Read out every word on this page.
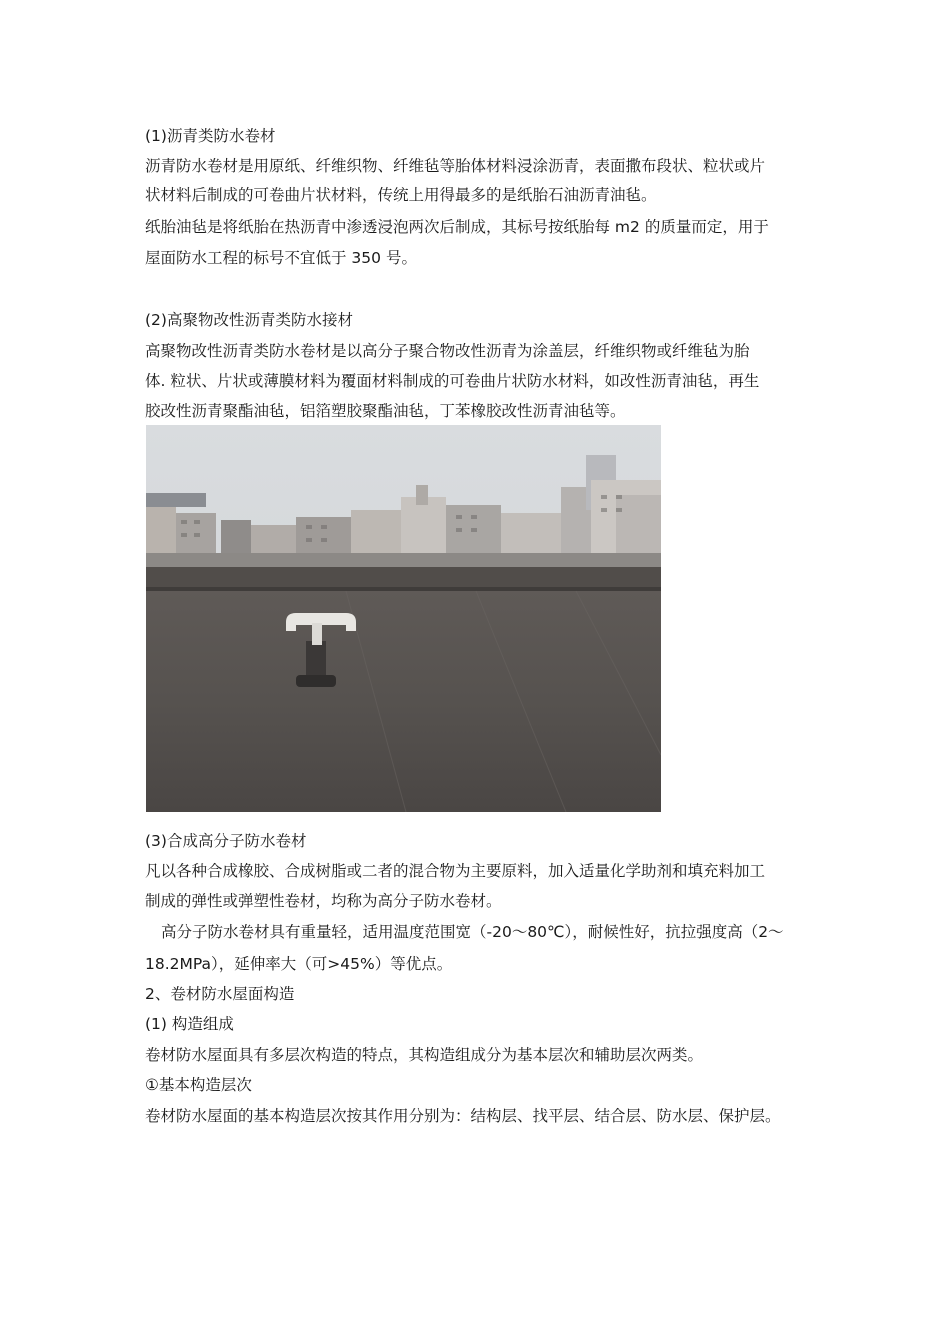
(1)沥青类防水卷材

沥青防水卷材是用原纸、纤维织物、纤维毡等胎体材料浸涂沥青，表面撒布段状、粒状或片

状材料后制成的可卷曲片状材料，传统上用得最多的是纸胎石油沥青油毡。

纸胎油毡是将纸胎在热沥青中渗透浸泡两次后制成，其标号按纸胎每 m2 的质量而定，用于

屋面防水工程的标号不宜低于 350 号。

(2)高聚物改性沥青类防水接材

高聚物改性沥青类防水卷材是以高分子聚合物改性沥青为涂盖层，纤维织物或纤维毡为胎

体. 粒状、片状或薄膜材料为覆面材料制成的可卷曲片状防水材料，如改性沥青油毡，再生

胶改性沥青聚酯油毡，铝箔塑胶聚酯油毡，丁苯橡胶改性沥青油毡等。

(3)合成高分子防水卷材

凡以各种合成橡胶、合成树脂或二者的混合物为主要原料，加入适量化学助剂和填充料加工

制成的弹性或弹塑性卷材，均称为高分子防水卷材。

高分子防水卷材具有重量轻，适用温度范围宽（-20～80℃），耐候性好，抗拉强度高（2～

18.2MPa），延伸率大（可>45%）等优点。

2、卷材防水屋面构造

(1) 构造组成

卷材防水屋面具有多层次构造的特点，其构造组成分为基本层次和辅助层次两类。

①基本构造层次

卷材防水屋面的基本构造层次按其作用分别为：结构层、找平层、结合层、防水层、保护层。
